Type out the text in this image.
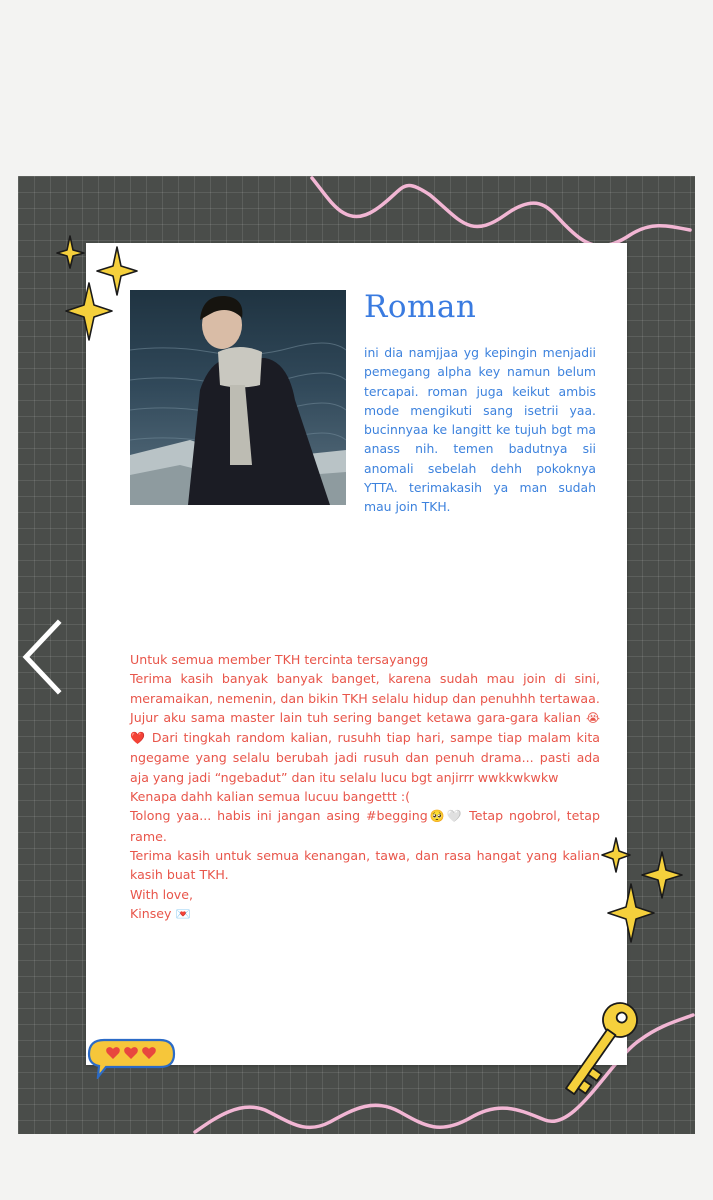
Roman
ini dia namjjaa yg kepingin menjadii pemegang alpha key namun belum tercapai. roman juga keikut ambis mode mengikuti sang isetrii yaa. bucinnyaa ke langitt ke tujuh bgt ma anass nih. temen badutnya sii anomali sebelah dehh pokoknya YTTA. terimakasih ya man sudah mau join TKH.

Untuk semua member TKH tercinta tersayangg

Terima kasih banyak banyak banget, karena sudah mau join di sini, meramaikan, nemenin, dan bikin TKH selalu hidup dan penuhhh tertawaa.

Jujur aku sama master lain tuh sering banget ketawa gara-gara kalian 😭❤️ Dari tingkah random kalian, rusuhh tiap hari, sampe tiap malam kita ngegame yang selalu berubah jadi rusuh dan penuh drama... pasti ada aja yang jadi “ngebadut” dan itu selalu lucu bgt anjirrr wwkkwkwkw

Kenapa dahh kalian semua lucuu bangettt :(

Tolong yaa... habis ini jangan asing #begging🥺🤍 Tetap ngobrol, tetap rame.

Terima kasih untuk semua kenangan, tawa, dan rasa hangat yang kalian kasih buat TKH.

With love,

Kinsey 💌
